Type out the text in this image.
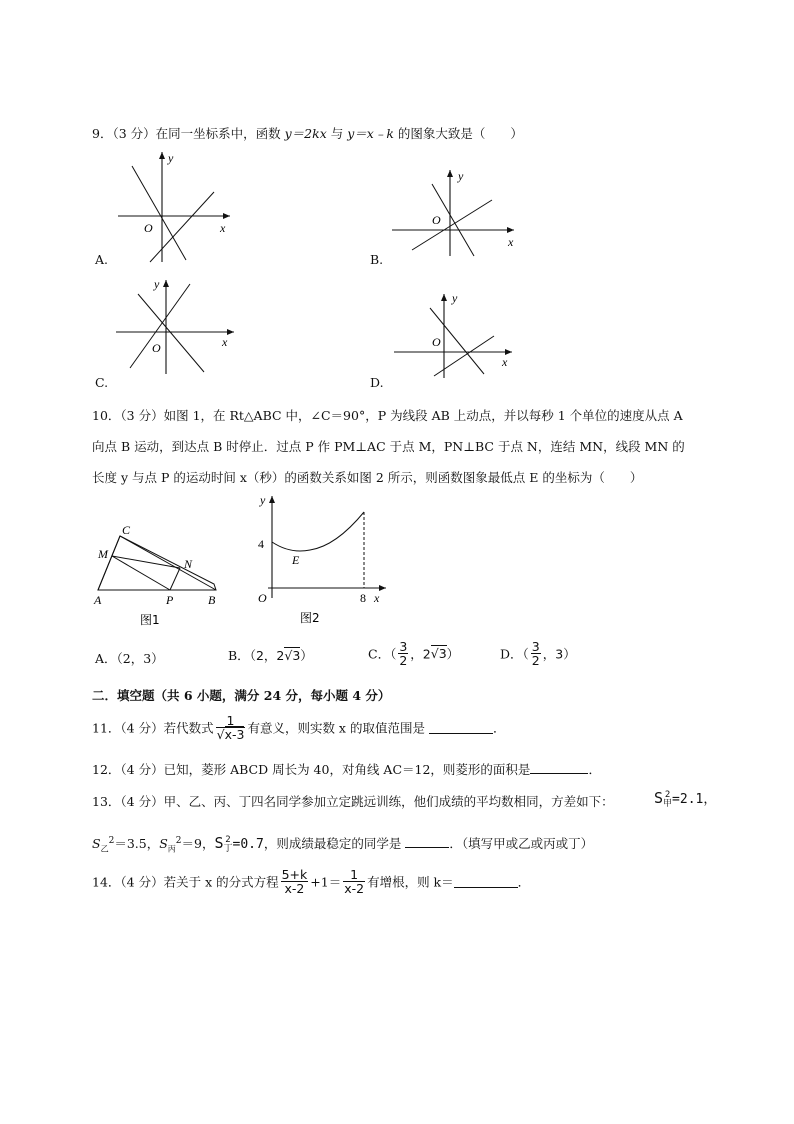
9．（3 分）在同一坐标系中，函数 y＝2kx 与 y＝x﹣k 的图象大致是（　　）
y
O	x
A.
y
O
x
B.
y
O	x
C.
y
O
x
D.
10．（3 分）如图 1，在 Rt△ABC 中，∠C＝90°，P 为线段 AB 上动点，并以每秒 1 个单位的速度从点 A
向点 B 运动，到达点 B 时停止．过点 P 作 PM⊥AC 于点 M，PN⊥BC 于点 N，连结 MN，线段 MN 的
长度 y 与点 P 的运动时间 x（秒）的函数关系如图 2 所示，则函数图象最低点 E 的坐标为（　　）
C
M
N
A	P	B
图1
y
4
E
O	8 x
图2
A．（2，3）	B．（2，2√3）	C．（ $\frac{3}{2}$ ，2√3）	D．（ $\frac{3}{2}$ ，3）
二．填空题（共 6 小题，满分 24 分，每小题 4 分）
11．（4 分）若代数式 $\frac{1}{√x-3}$ 有意义，则实数 x 的取值范围是	．
12．（4 分）已知，菱形 ABCD 周长为 40，对角线 AC＝12，则菱形的面积是	．
13．（4 分）甲、乙、丙、丁四名同学参加立定跳远训练，他们成绩的平均数相同，方差如下：	S 2
甲 =2.1，
$S_乙^2=3.5$，$S_丙^2=9$，S 2
丁 =0.7，则成绩最稳定的同学是	．（填写甲或乙或丙或丁）
14．（4 分）若关于 x 的分式方程 $\frac{5+k}{x-2} +1= \frac{1}{x-2}$ 有增根，则 k＝	．
